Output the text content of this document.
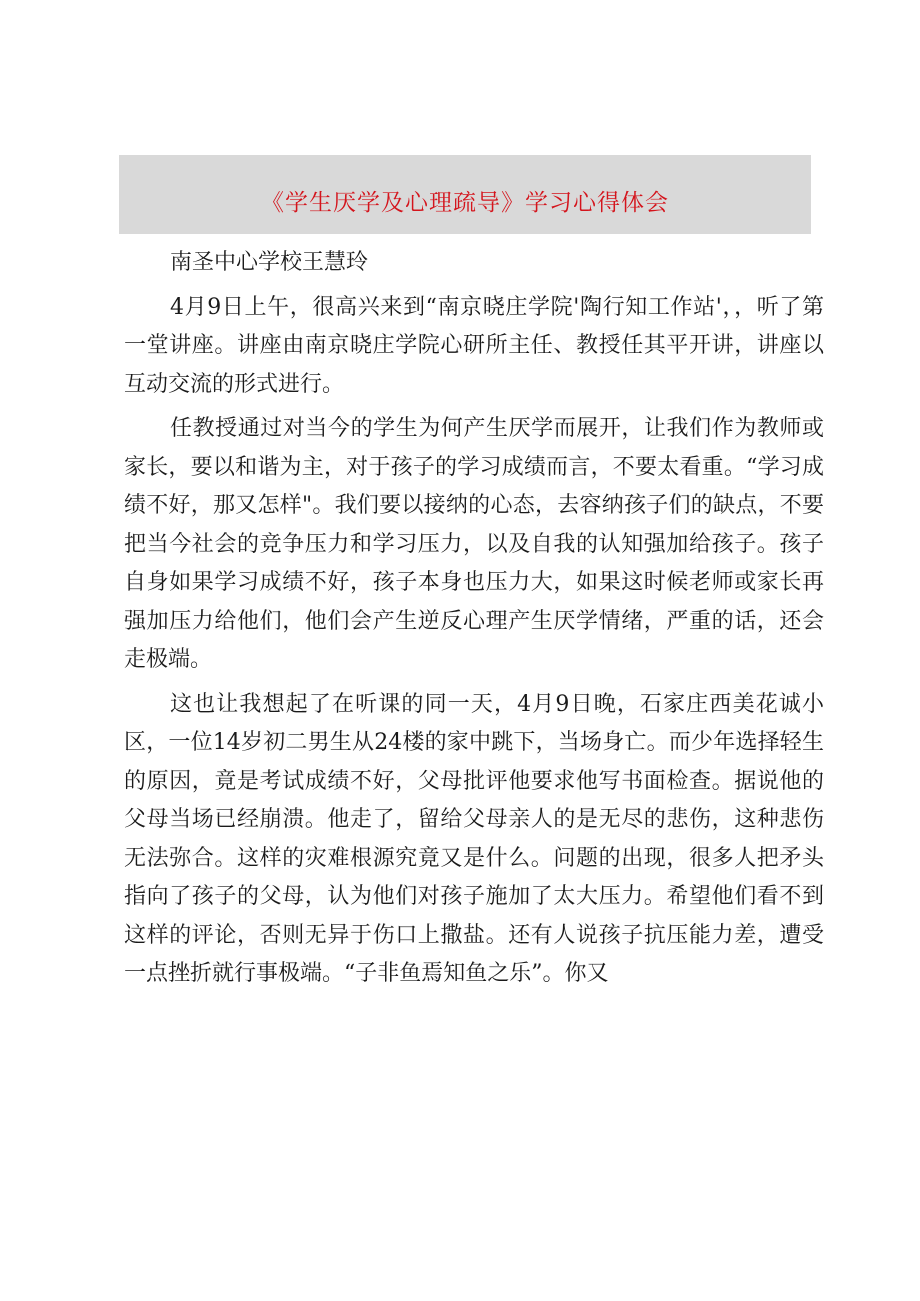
《学生厌学及心理疏导》学习心得体会

南圣中心学校王慧玲

4月9日上午，很高兴来到“南京晓庄学院'陶行知工作站'，，听了第一堂讲座。讲座由南京晓庄学院心研所主任、教授任其平开讲，讲座以互动交流的形式进行。

任教授通过对当今的学生为何产生厌学而展开，让我们作为教师或家长，要以和谐为主，对于孩子的学习成绩而言，不要太看重。“学习成绩不好，那又怎样"。我们要以接纳的心态，去容纳孩子们的缺点，不要把当今社会的竞争压力和学习压力，以及自我的认知强加给孩子。孩子自身如果学习成绩不好，孩子本身也压力大，如果这时候老师或家长再强加压力给他们，他们会产生逆反心理产生厌学情绪，严重的话，还会走极端。

这也让我想起了在听课的同一天，4月9日晚，石家庄西美花诚小区，一位14岁初二男生从24楼的家中跳下，当场身亡。而少年选择轻生的原因，竟是考试成绩不好，父母批评他要求他写书面检查。据说他的父母当场已经崩溃。他走了，留给父母亲人的是无尽的悲伤，这种悲伤无法弥合。这样的灾难根源究竟又是什么。问题的出现，很多人把矛头指向了孩子的父母，认为他们对孩子施加了太大压力。希望他们看不到这样的评论，否则无异于伤口上撒盐。还有人说孩子抗压能力差，遭受一点挫折就行事极端。“子非鱼焉知鱼之乐”。你又
